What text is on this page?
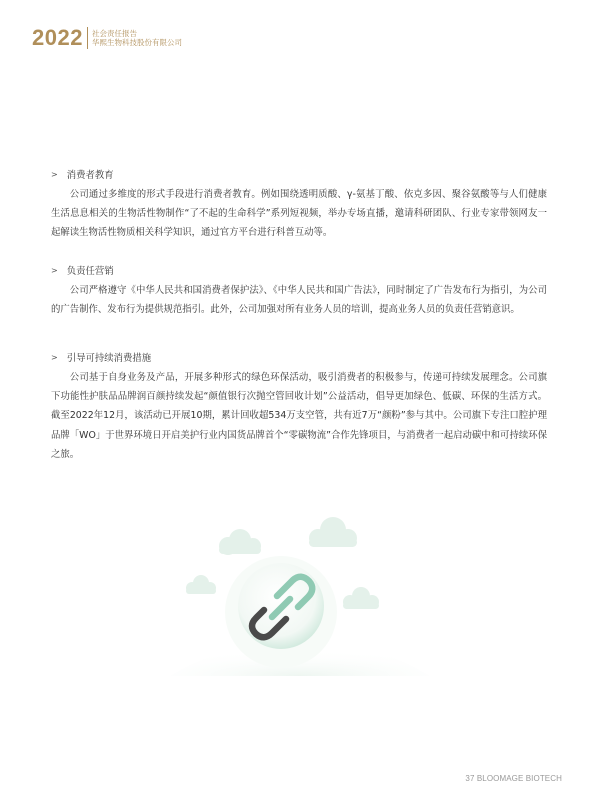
2022 社会责任报告
华熙生物科技股份有限公司
> 消费者教育
公司通过多维度的形式手段进行消费者教育。例如围绕透明质酸、γ-氨基丁酸、依克多因、聚谷氨酸等与人们健康生活息息相关的生物活性物制作“了不起的生命科学”系列短视频，举办专场直播，邀请科研团队、行业专家带领网友一起解读生物活性物质相关科学知识，通过官方平台进行科普互动等。
> 负责任营销
公司严格遵守《中华人民共和国消费者保护法》、《中华人民共和国广告法》，同时制定了广告发布行为指引，为公司的广告制作、发布行为提供规范指引。此外，公司加强对所有业务人员的培训，提高业务人员的负责任营销意识。
> 引导可持续消费措施
公司基于自身业务及产品，开展多种形式的绿色环保活动，吸引消费者的积极参与，传递可持续发展理念。公司旗下功能性护肤品品牌润百颜持续发起“颜值银行次抛空管回收计划”公益活动，倡导更加绿色、低碳、环保的生活方式。截至2022年12月，该活动已开展10期，累计回收超534万支空管，共有近7万“颜粉”参与其中。公司旗下专注口腔护理品牌「WO」于世界环境日开启美护行业内国货品牌首个“零碳物流”合作先锋项目，与消费者一起启动碳中和可持续环保之旅。
37 BLOOMAGE BIOTECH
